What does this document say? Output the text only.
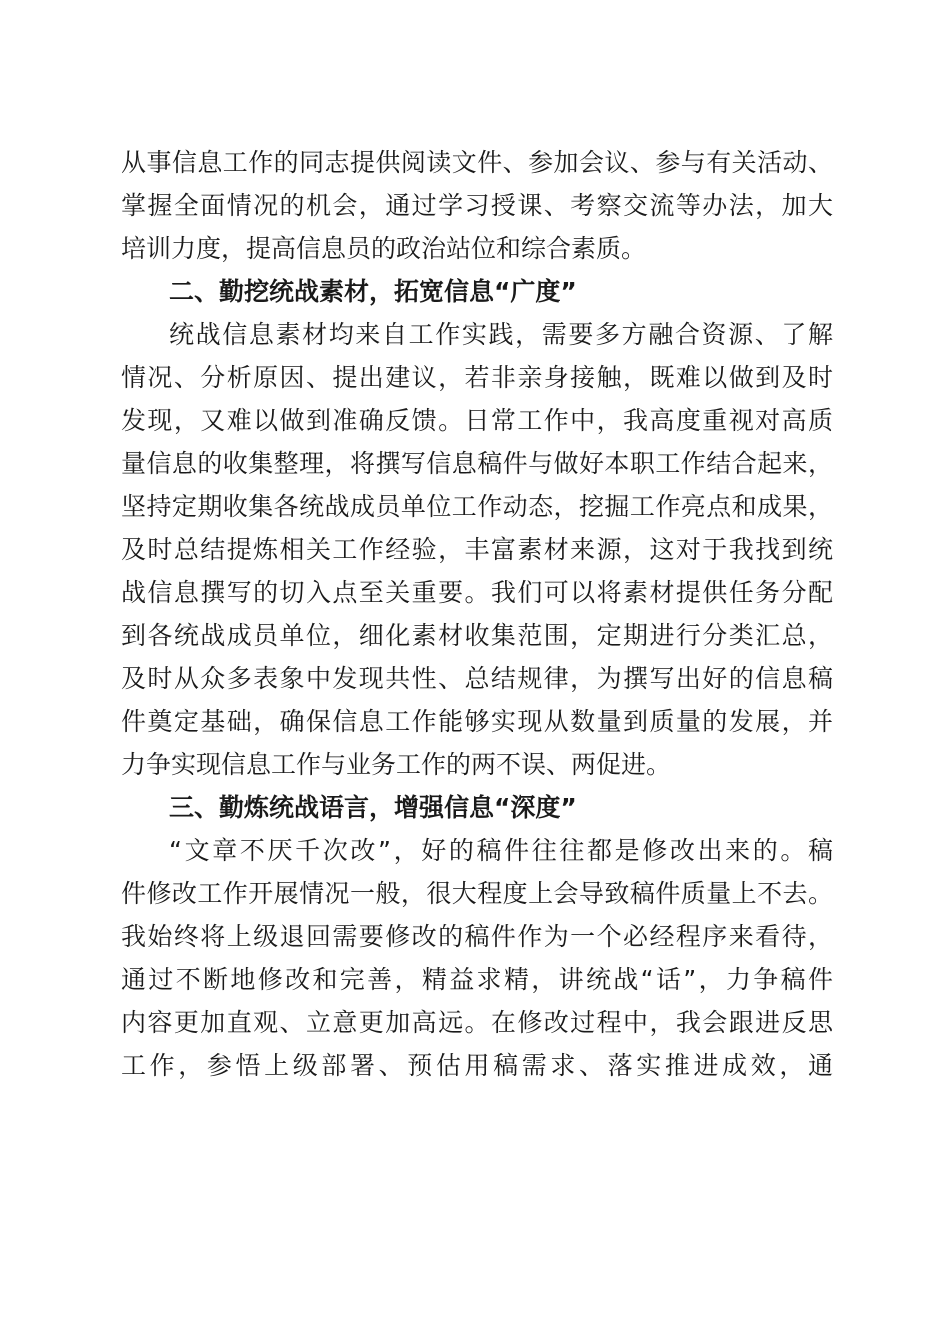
从事信息工作的同志提供阅读文件、参加会议、参与有关活动、
掌握全面情况的机会，通过学习授课、考察交流等办法，加大
培训力度，提高信息员的政治站位和综合素质。
二、勤挖统战素材，拓宽信息“广度”
统战信息素材均来自工作实践，需要多方融合资源、了解
情况、分析原因、提出建议，若非亲身接触，既难以做到及时
发现，又难以做到准确反馈。日常工作中，我高度重视对高质
量信息的收集整理，将撰写信息稿件与做好本职工作结合起来，
坚持定期收集各统战成员单位工作动态，挖掘工作亮点和成果，
及时总结提炼相关工作经验，丰富素材来源，这对于我找到统
战信息撰写的切入点至关重要。我们可以将素材提供任务分配
到各统战成员单位，细化素材收集范围，定期进行分类汇总，
及时从众多表象中发现共性、总结规律，为撰写出好的信息稿
件奠定基础，确保信息工作能够实现从数量到质量的发展，并
力争实现信息工作与业务工作的两不误、两促进。
三、勤炼统战语言，增强信息“深度”
“文章不厌千次改”，好的稿件往往都是修改出来的。稿
件修改工作开展情况一般，很大程度上会导致稿件质量上不去。
我始终将上级退回需要修改的稿件作为一个必经程序来看待，
通过不断地修改和完善，精益求精，讲统战“话”，力争稿件
内容更加直观、立意更加高远。在修改过程中，我会跟进反思
工作，参悟上级部署、预估用稿需求、落实推进成效，通
